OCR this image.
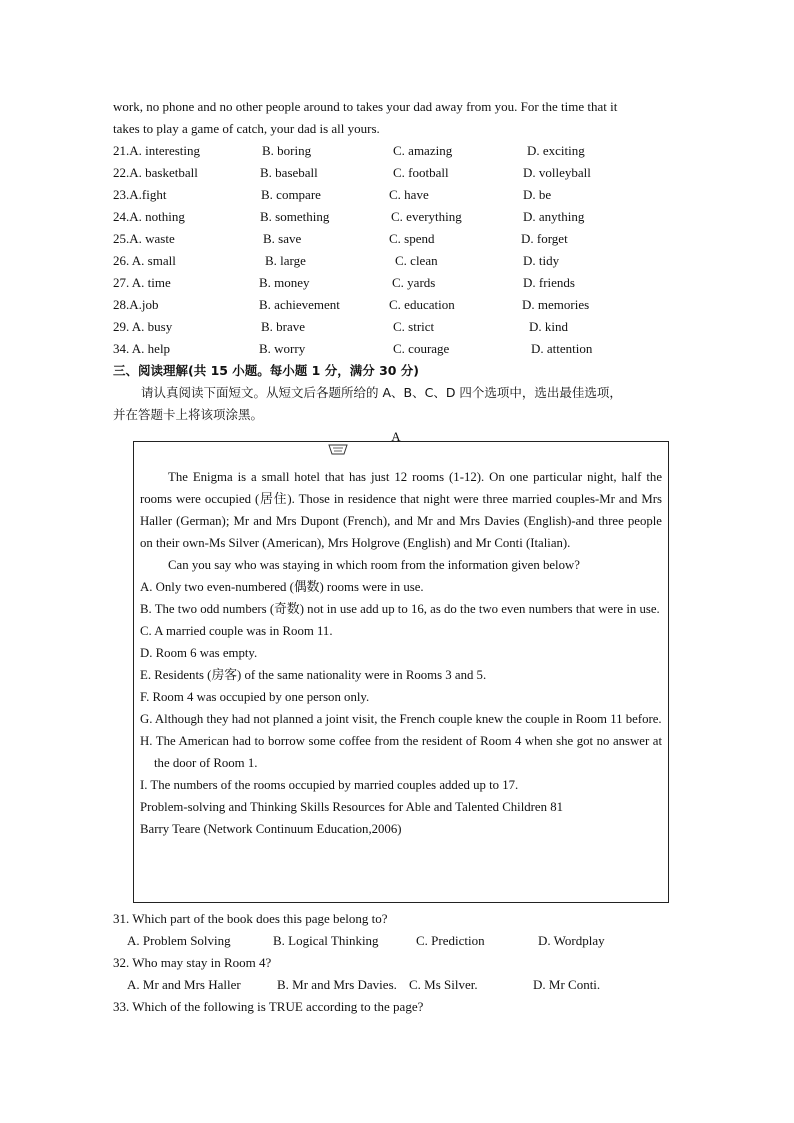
work, no phone and no other people around to takes your dad away from you. For the time that it
takes to play a game of catch, your dad is all yours.
21.A. interesting	B. boring	C. amazing	D. exciting
22.A. basketball	B. baseball	C. football	D. volleyball
23.A.fight	B. compare	C. have	D. be
24.A. nothing	B. something	C. everything	D. anything
25.A. waste	B. save	C. spend	D. forget
26. A. small	B. large	C. clean	D. tidy
27. A. time	B. money	C. yards	D. friends
28.A.job	B. achievement	C. education	D. memories
29. A. busy	B. brave	C. strict	D. kind
34. A. help	B. worry	C. courage	D. attention
三、阅读理解(共 15 小题。每小题 1 分，满分 30 分)
请认真阅读下面短文。从短文后各题所给的 A、B、C、D 四个选项中，选出最佳选项，
并在答题卡上将该项涂黑。
A
The Enigma is a small hotel that has just 12 rooms (1-12). On one particular night, half the rooms were occupied (居住). Those in residence that night were three married couples-Mr and Mrs Haller (German); Mr and Mrs Dupont (French), and Mr and Mrs Davies (English)-and three people on their own-Ms Silver (American), Mrs Holgrove (English) and Mr Conti (Italian).
Can you say who was staying in which room from the information given below?
A. Only two even-numbered (偶数) rooms were in use.
B. The two odd numbers (奇数) not in use add up to 16, as do the two even numbers that were in use.
C. A married couple was in Room 11.
D. Room 6 was empty.
E. Residents (房客) of the same nationality were in Rooms 3 and 5.
F. Room 4 was occupied by one person only.
G. Although they had not planned a joint visit, the French couple knew the couple in Room 11 before.
H. The American had to borrow some coffee from the resident of Room 4 when she got no answer at the door of Room 1.
I. The numbers of the rooms occupied by married couples added up to 17.
Problem-solving and Thinking Skills Resources for Able and Talented Children 81
Barry Teare (Network Continuum Education,2006)
31. Which part of the book does this page belong to?
A. Problem Solving	B. Logical Thinking	C. Prediction	D. Wordplay
32. Who may stay in Room 4?
A. Mr and Mrs Haller	B. Mr and Mrs Davies. C. Ms Silver.	D. Mr Conti.
33. Which of the following is TRUE according to the page?
